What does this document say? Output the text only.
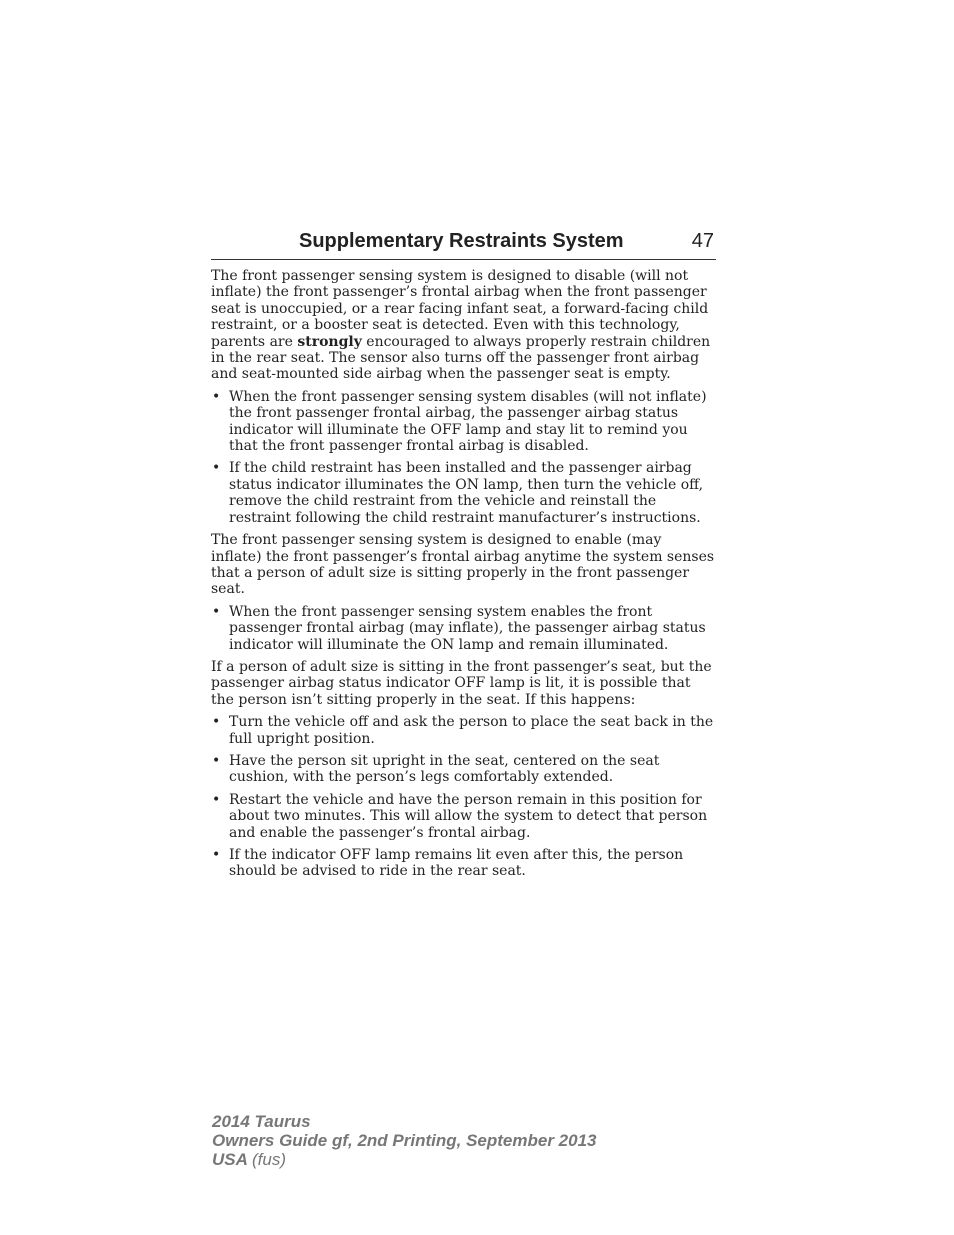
Supplementary Restraints System	47

The front passenger sensing system is designed to disable (will not inflate) the front passenger’s frontal airbag when the front passenger seat is unoccupied, or a rear facing infant seat, a forward-facing child restraint, or a booster seat is detected. Even with this technology, parents are strongly encouraged to always properly restrain children in the rear seat. The sensor also turns off the passenger front airbag and seat-mounted side airbag when the passenger seat is empty.

• When the front passenger sensing system disables (will not inflate) the front passenger frontal airbag, the passenger airbag status indicator will illuminate the OFF lamp and stay lit to remind you that the front passenger frontal airbag is disabled.
• If the child restraint has been installed and the passenger airbag status indicator illuminates the ON lamp, then turn the vehicle off, remove the child restraint from the vehicle and reinstall the restraint following the child restraint manufacturer’s instructions.

The front passenger sensing system is designed to enable (may inflate) the front passenger’s frontal airbag anytime the system senses that a person of adult size is sitting properly in the front passenger seat.

• When the front passenger sensing system enables the front passenger frontal airbag (may inflate), the passenger airbag status indicator will illuminate the ON lamp and remain illuminated.

If a person of adult size is sitting in the front passenger’s seat, but the passenger airbag status indicator OFF lamp is lit, it is possible that the person isn’t sitting properly in the seat. If this happens:

• Turn the vehicle off and ask the person to place the seat back in the full upright position.
• Have the person sit upright in the seat, centered on the seat cushion, with the person’s legs comfortably extended.
• Restart the vehicle and have the person remain in this position for about two minutes. This will allow the system to detect that person and enable the passenger’s frontal airbag.
• If the indicator OFF lamp remains lit even after this, the person should be advised to ride in the rear seat.
2014 Taurus
Owners Guide gf, 2nd Printing, September 2013
USA (fus)
